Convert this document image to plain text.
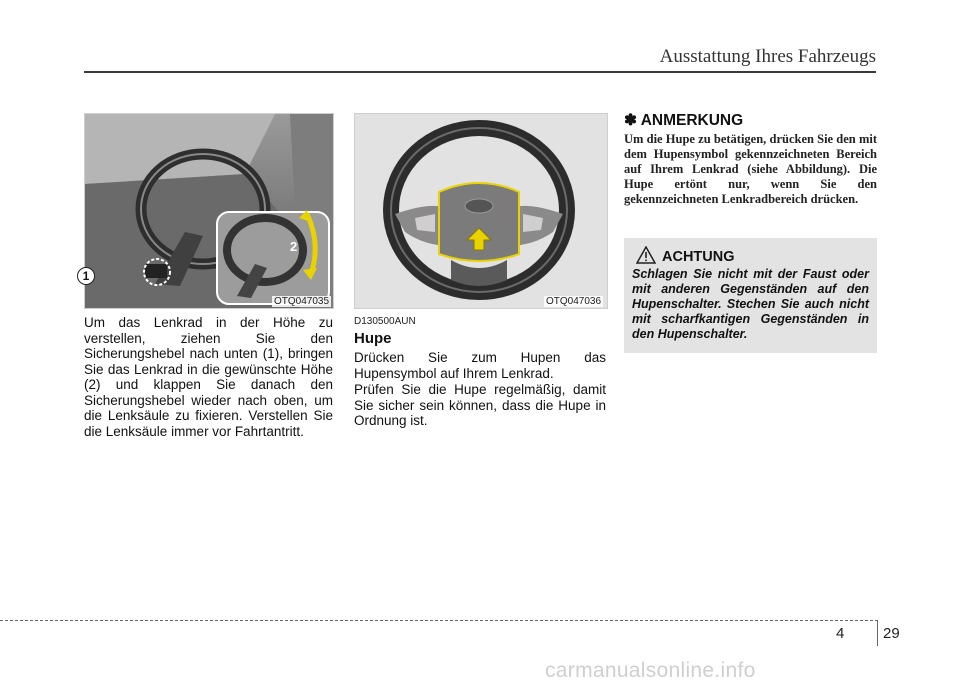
Ausstattung Ihres Fahrzeugs
1
2
OTQ047035	OTQ047036
Um das Lenkrad in der Höhe zu verstellen, ziehen Sie den Sicherungshebel nach unten (1), bringen Sie das Lenkrad in die gewünschte Höhe (2) und klappen Sie danach den Sicherungshebel wieder nach oben, um die Lenksäule zu fixieren. Verstellen Sie die Lenksäule immer vor Fahrtantritt.
D130500AUN
Hupe
Drücken Sie zum Hupen das Hupensymbol auf Ihrem Lenkrad.
Prüfen Sie die Hupe regelmäßig, damit Sie sicher sein können, dass die Hupe in Ordnung ist.
✽ ANMERKUNG
Um die Hupe zu betätigen, drücken Sie den mit dem Hupensymbol gekennzeichneten Bereich auf Ihrem Lenkrad (siehe Abbildung). Die Hupe ertönt nur, wenn Sie den gekennzeichneten Lenkradbereich drücken.
ACHTUNG
Schlagen Sie nicht mit der Faust oder mit anderen Gegenständen auf den Hupenschalter. Stechen Sie auch nicht mit scharfkantigen Gegenständen in den Hupenschalter.
4	29
carmanualsonline.info
